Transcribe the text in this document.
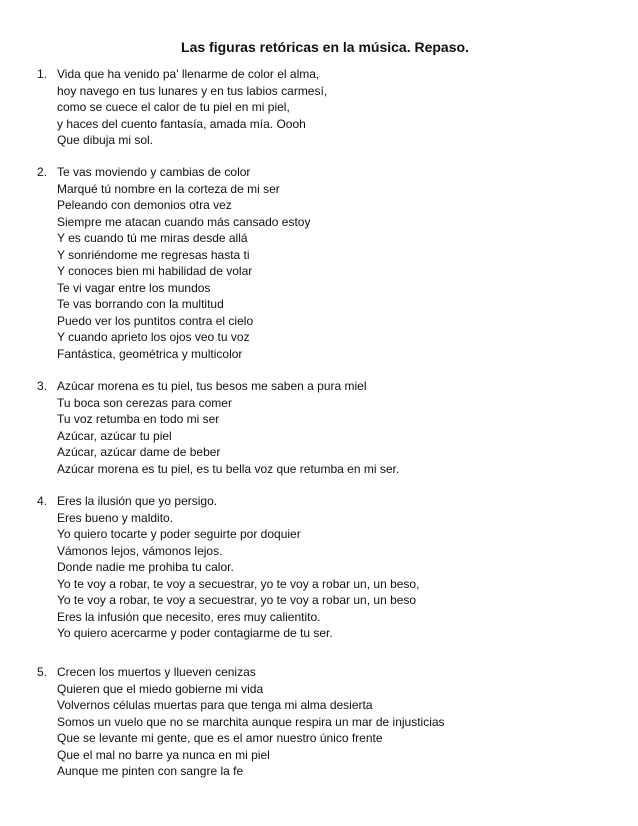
Las figuras retóricas en la música. Repaso.
1. Vida que ha venido pa' llenarme de color el alma,
hoy navego en tus lunares y en tus labios carmesí,
como se cuece el calor de tu piel en mi piel,
y haces del cuento fantasía, amada mía. Oooh
Que dibuja mi sol.
2. Te vas moviendo y cambias de color
Marqué tú nombre en la corteza de mi ser
Peleando con demonios otra vez
Siempre me atacan cuando más cansado estoy
Y es cuando tú me miras desde allá
Y sonriéndome me regresas hasta ti
Y conoces bien mi habilidad de volar
Te vi vagar entre los mundos
Te vas borrando con la multitud
Puedo ver los puntitos contra el cielo
Y cuando aprieto los ojos veo tu voz
Fantástica, geométrica y multicolor
3. Azúcar morena es tu piel, tus besos me saben a pura miel
Tu boca son cerezas para comer
Tu voz retumba en todo mi ser
Azúcar, azúcar tu piel
Azúcar, azúcar dame de beber
Azúcar morena es tu piel, es tu bella voz que retumba en mi ser.
4. Eres la ilusión que yo persigo.
Eres bueno y maldito.
Yo quiero tocarte y poder seguirte por doquier
Vámonos lejos, vámonos lejos.
Donde nadie me prohiba tu calor.
Yo te voy a robar, te voy a secuestrar, yo te voy a robar un, un beso,
Yo te voy a robar, te voy a secuestrar, yo te voy a robar un, un beso
Eres la infusión que necesito, eres muy calientito.
Yo quiero acercarme y poder contagiarme de tu ser.
5. Crecen los muertos y llueven cenizas
Quieren que el miedo gobierne mi vida
Volvernos células muertas para que tenga mi alma desierta
Somos un vuelo que no se marchita aunque respira un mar de injusticias
Que se levante mi gente, que es el amor nuestro único frente
Que el mal no barre ya nunca en mi piel
Aunque me pinten con sangre la fe
